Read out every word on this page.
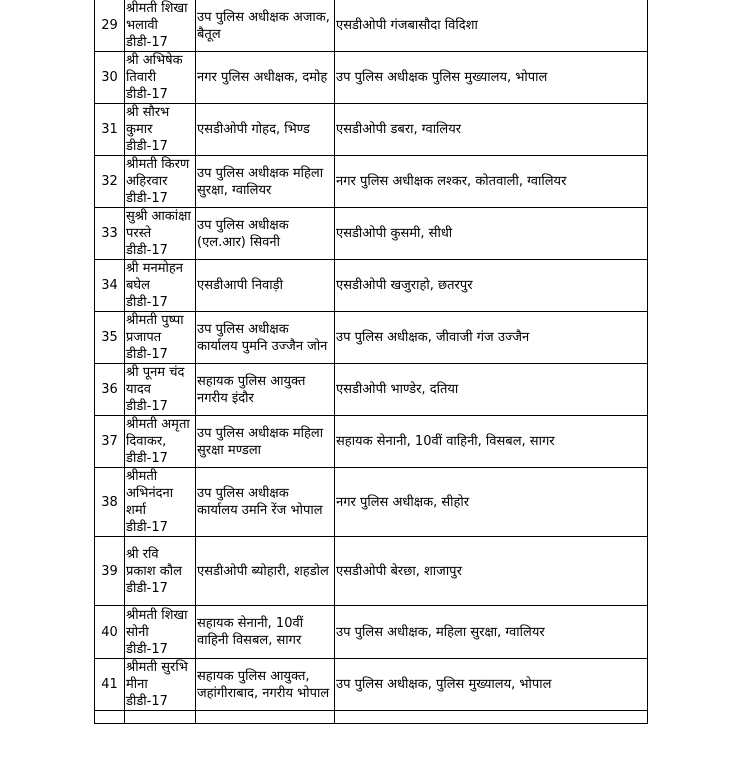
29	श्रीमती शिखा
भलावी
डीडी-17	उप पुलिस अधीक्षक अजाक, बैतूल	एसडीओपी गंजबासौदा विदिशा
30	श्री अभिषेक
तिवारी
डीडी-17	नगर पुलिस अधीक्षक, दमोह	उप पुलिस अधीक्षक पुलिस मुख्यालय, भोपाल
31	श्री सौरभ
कुमार
डीडी-17	एसडीओपी गोहद, भिण्ड	एसडीओपी डबरा, ग्वालियर
32	श्रीमती किरण
अहिरवार
डीडी-17	उप पुलिस अधीक्षक महिला सुरक्षा, ग्वालियर	नगर पुलिस अधीक्षक लश्कर, कोतवाली, ग्वालियर
33	सुश्री आकांक्षा
परस्ते
डीडी-17	उप पुलिस अधीक्षक (एल.आर) सिवनी	एसडीओपी कुसमी, सीधी
34	श्री मनमोहन
बघेल
डीडी-17	एसडीआपी निवाड़ी	एसडीओपी खजुराहो, छतरपुर
35	श्रीमती पुष्पा
प्रजापत
डीडी-17	उप पुलिस अधीक्षक कार्यालय पुमनि उज्जैन जोन	उप पुलिस अधीक्षक, जीवाजी गंज उज्जैन
36	श्री पूनम चंद
यादव
डीडी-17	सहायक पुलिस आयुक्त नगरीय इंदौर	एसडीओपी भाण्डेर, दतिया
37	श्रीमती अमृता
दिवाकर,
डीडी-17	उप पुलिस अधीक्षक महिला सुरक्षा मण्डला	सहायक सेनानी, 10वीं वाहिनी, विसबल, सागर
38	श्रीमती
अभिनंदना
शर्मा
डीडी-17	उप पुलिस अधीक्षक कार्यालय उमनि रेंज भोपाल	नगर पुलिस अधीक्षक, सीहोर
39	श्री रवि
प्रकाश कौल
डीडी-17	एसडीओपी ब्योहारी, शहडोल	एसडीओपी बेरछा, शाजापुर
40	श्रीमती शिखा
सोनी
डीडी-17	सहायक सेनानी, 10वीं वाहिनी विसबल, सागर	उप पुलिस अधीक्षक, महिला सुरक्षा, ग्वालियर
41	श्रीमती सुरभि
मीना
डीडी-17	सहायक पुलिस आयुक्त, जहांगीराबाद, नगरीय भोपाल	उप पुलिस अधीक्षक, पुलिस मुख्यालय, भोपाल
